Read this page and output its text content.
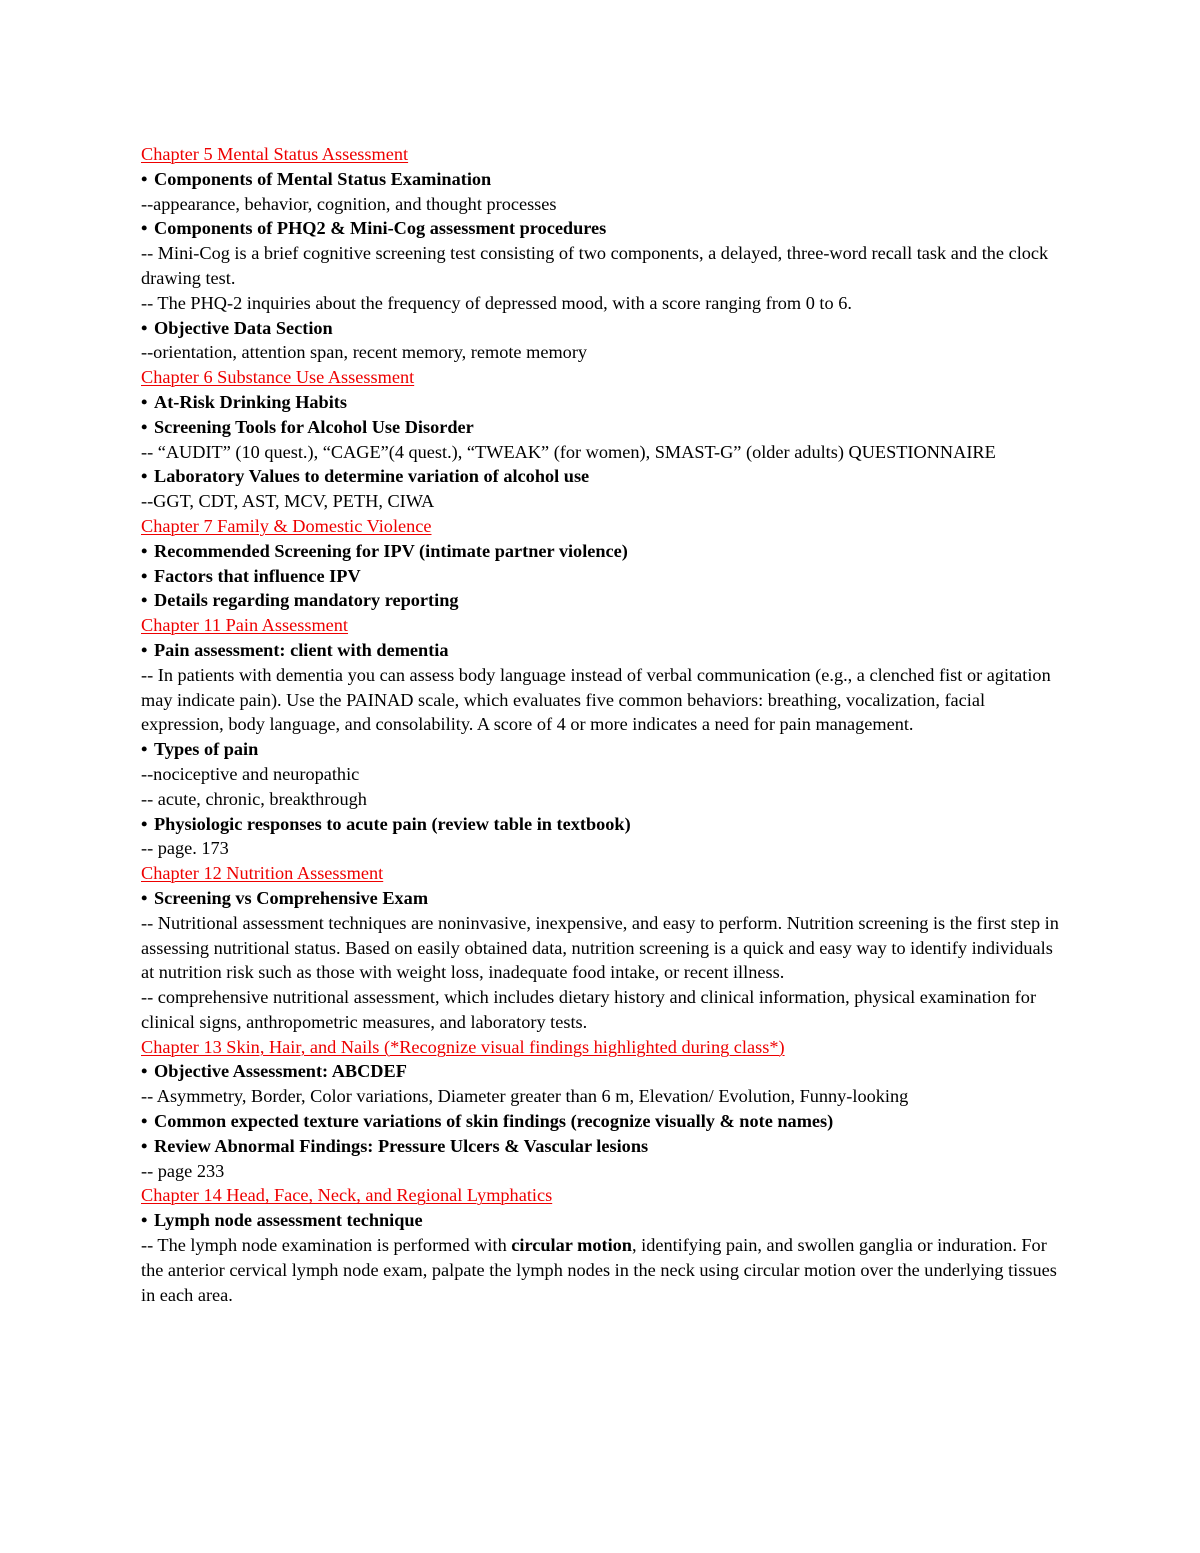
Chapter 5 Mental Status Assessment
• Components of Mental Status Examination
--appearance, behavior, cognition, and thought processes
• Components of PHQ2 & Mini-Cog assessment procedures
-- Mini-Cog is a brief cognitive screening test consisting of two components, a delayed, three-word recall task and the clock drawing test.
-- The PHQ-2 inquiries about the frequency of depressed mood, with a score ranging from 0 to 6.
• Objective Data Section
--orientation, attention span, recent memory, remote memory
Chapter 6 Substance Use Assessment
• At-Risk Drinking Habits
• Screening Tools for Alcohol Use Disorder
-- “AUDIT” (10 quest.), “CAGE”(4 quest.), “TWEAK” (for women), SMAST-G” (older adults) QUESTIONNAIRE
• Laboratory Values to determine variation of alcohol use
--GGT, CDT, AST, MCV, PETH, CIWA
Chapter 7 Family & Domestic Violence
• Recommended Screening for IPV (intimate partner violence)
• Factors that influence IPV
• Details regarding mandatory reporting
Chapter 11 Pain Assessment
• Pain assessment: client with dementia
-- In patients with dementia you can assess body language instead of verbal communication (e.g., a clenched fist or agitation may indicate pain). Use the PAINAD scale, which evaluates five common behaviors: breathing, vocalization, facial expression, body language, and consolability. A score of 4 or more indicates a need for pain management.
• Types of pain
--nociceptive and neuropathic
-- acute, chronic, breakthrough
• Physiologic responses to acute pain (review table in textbook)
-- page. 173
Chapter 12 Nutrition Assessment
• Screening vs Comprehensive Exam
-- Nutritional assessment techniques are noninvasive, inexpensive, and easy to perform. Nutrition screening is the first step in assessing nutritional status. Based on easily obtained data, nutrition screening is a quick and easy way to identify individuals at nutrition risk such as those with weight loss, inadequate food intake, or recent illness.
-- comprehensive nutritional assessment, which includes dietary history and clinical information, physical examination for clinical signs, anthropometric measures, and laboratory tests.
Chapter 13 Skin, Hair, and Nails (*Recognize visual findings highlighted during class*)
• Objective Assessment: ABCDEF
-- Asymmetry, Border, Color variations, Diameter greater than 6 m, Elevation/ Evolution, Funny-looking
• Common expected texture variations of skin findings (recognize visually & note names)
• Review Abnormal Findings: Pressure Ulcers & Vascular lesions
-- page 233
Chapter 14 Head, Face, Neck, and Regional Lymphatics
• Lymph node assessment technique
-- The lymph node examination is performed with circular motion, identifying pain, and swollen ganglia or induration. For the anterior cervical lymph node exam, palpate the lymph nodes in the neck using circular motion over the underlying tissues in each area.
